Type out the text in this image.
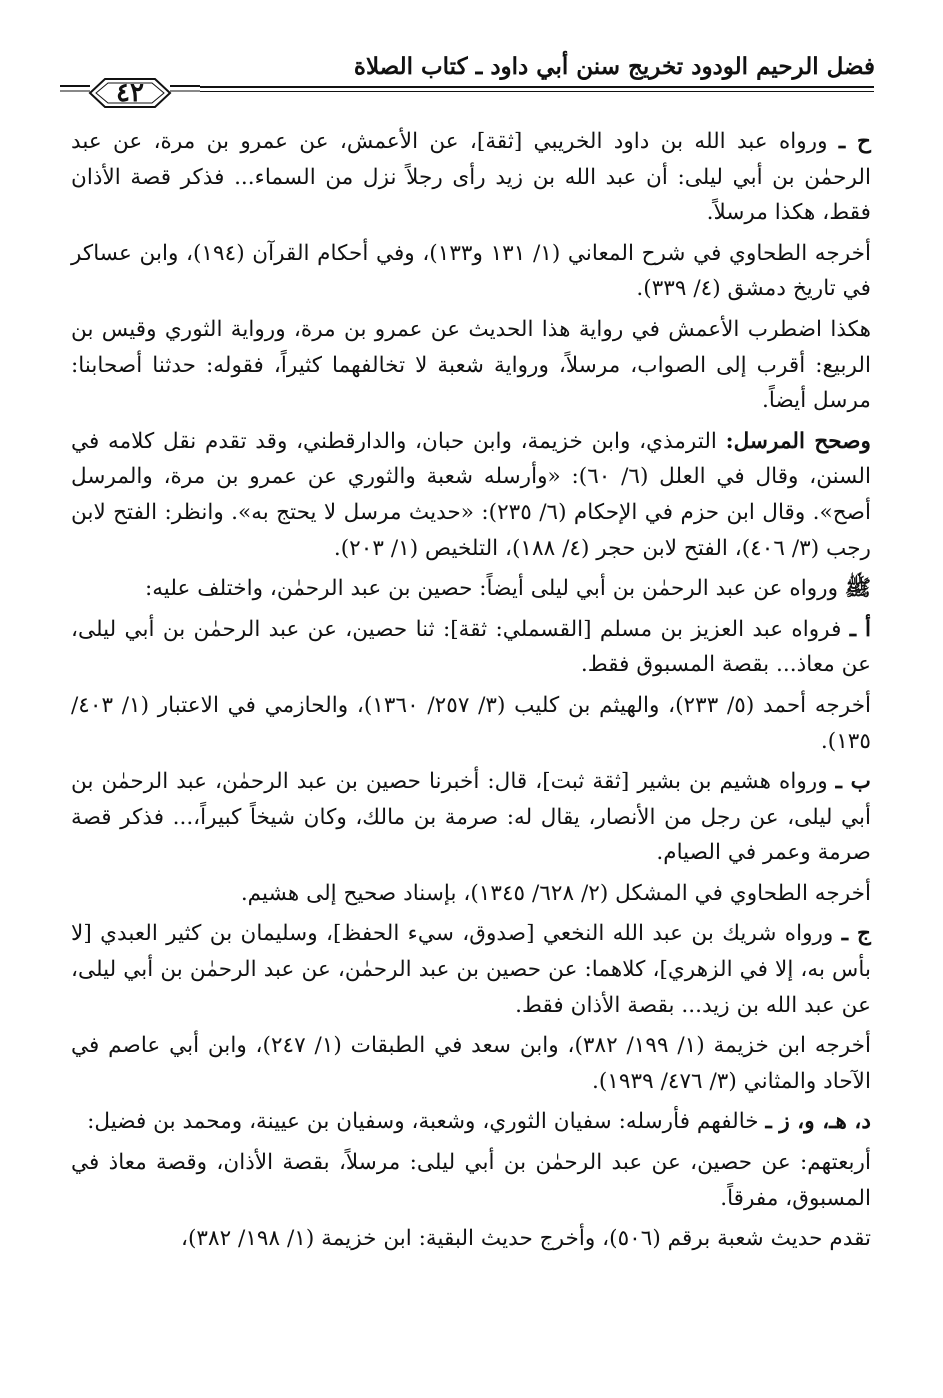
فضل الرحيم الودود تخريج سنن أبي داود ـ كتاب الصلاة
٤٢

ح ـ ورواه عبد الله بن داود الخريبي [ثقة]، عن الأعمش، عن عمرو بن مرة، عن عبد الرحمٰن بن أبي ليلى: أن عبد الله بن زيد رأى رجلاً نزل من السماء... فذكر قصة الأذان فقط، هكذا مرسلاً.

أخرجه الطحاوي في شرح المعاني (١/ ١٣١ و١٣٣)، وفي أحكام القرآن (١٩٤)، وابن عساكر في تاريخ دمشق (٤/ ٣٣٩).

هكذا اضطرب الأعمش في رواية هذا الحديث عن عمرو بن مرة، ورواية الثوري وقيس بن الربيع: أقرب إلى الصواب، مرسلاً، ورواية شعبة لا تخالفهما كثيراً، فقوله: حدثنا أصحابنا: مرسل أيضاً.

وصحح المرسل: الترمذي، وابن خزيمة، وابن حبان، والدارقطني، وقد تقدم نقل كلامه في السنن، وقال في العلل (٦/ ٦٠): «وأرسله شعبة والثوري عن عمرو بن مرة، والمرسل أصح». وقال ابن حزم في الإحكام (٦/ ٢٣٥): «حديث مرسل لا يحتج به». وانظر: الفتح لابن رجب (٣/ ٤٠٦)، الفتح لابن حجر (٤/ ١٨٨)، التلخيص (١/ ٢٠٣).

ﷺ ورواه عن عبد الرحمٰن بن أبي ليلى أيضاً: حصين بن عبد الرحمٰن، واختلف عليه:

أ ـ فرواه عبد العزيز بن مسلم [القسملي: ثقة]: ثنا حصين، عن عبد الرحمٰن بن أبي ليلى، عن معاذ... بقصة المسبوق فقط.

أخرجه أحمد (٥/ ٢٣٣)، والهيثم بن كليب (٣/ ٢٥٧/ ١٣٦٠)، والحازمي في الاعتبار (١/ ٤٠٣/ ١٣٥).

ب ـ ورواه هشيم بن بشير [ثقة ثبت]، قال: أخبرنا حصين بن عبد الرحمٰن، عبد الرحمٰن بن أبي ليلى، عن رجل من الأنصار، يقال له: صرمة بن مالك، وكان شيخاً كبيراً،... فذكر قصة صرمة وعمر في الصيام.

أخرجه الطحاوي في المشكل (٢/ ٦٢٨/ ١٣٤٥)، بإسناد صحيح إلى هشيم.

ج ـ ورواه شريك بن عبد الله النخعي [صدوق، سيء الحفظ]، وسليمان بن كثير العبدي [لا بأس به، إلا في الزهري]، كلاهما: عن حصين بن عبد الرحمٰن، عن عبد الرحمٰن بن أبي ليلى، عن عبد الله بن زيد... بقصة الأذان فقط.

أخرجه ابن خزيمة (١/ ١٩٩/ ٣٨٢)، وابن سعد في الطبقات (١/ ٢٤٧)، وابن أبي عاصم في الآحاد والمثاني (٣/ ٤٧٦/ ١٩٣٩).

د، هـ، و، ز ـ خالفهم فأرسله: سفيان الثوري، وشعبة، وسفيان بن عيينة، ومحمد بن فضيل:

أربعتهم: عن حصين، عن عبد الرحمٰن بن أبي ليلى: مرسلاً، بقصة الأذان، وقصة معاذ في المسبوق، مفرقاً.

تقدم حديث شعبة برقم (٥٠٦)، وأخرج حديث البقية: ابن خزيمة (١/ ١٩٨/ ٣٨٢)،
